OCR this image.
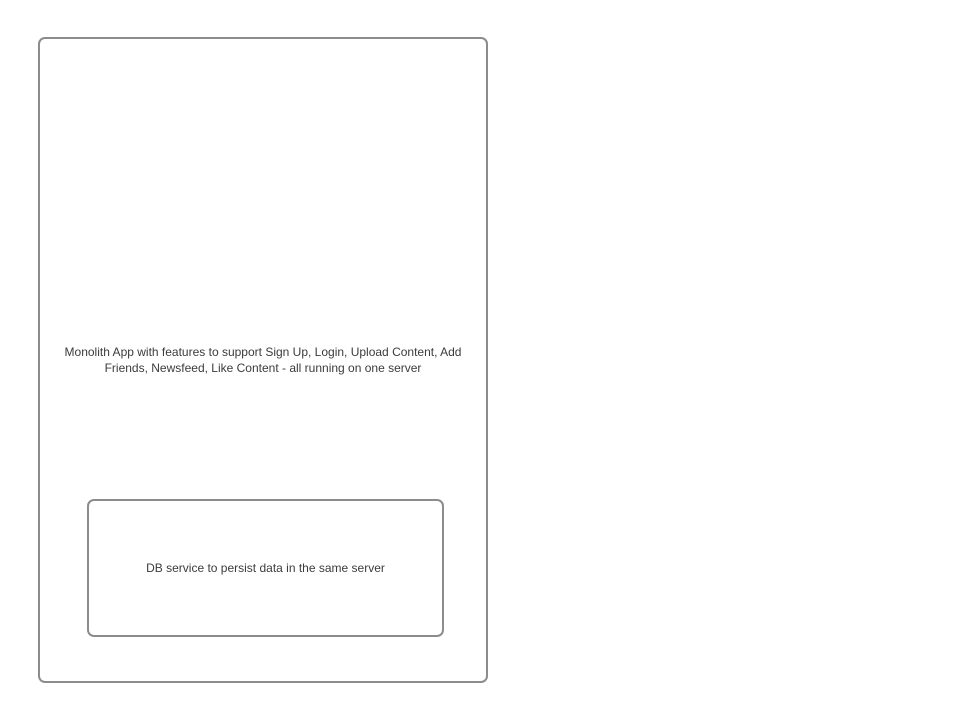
Monolith App with features to support Sign Up, Login, Upload Content, Add Friends, Newsfeed, Like Content - all running on one server
DB service to persist data in the same server
